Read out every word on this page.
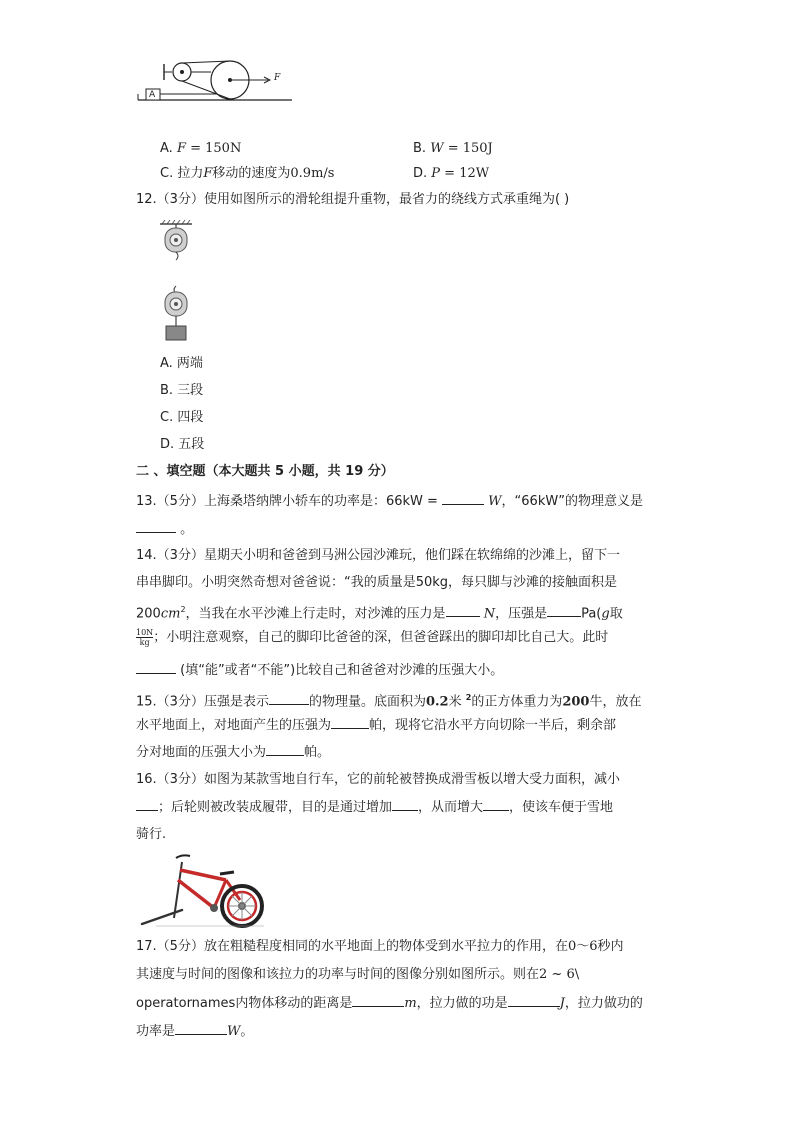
A
F
A. F = 150N	B. W = 150J
C. 拉力F移动的速度为0.9m/s	D. P = 12W
12.（3分）使用如图所示的滑轮组提升重物，最省力的绕线方式承重绳为( )
A. 两端
B. 三段
C. 四段
D. 五段
二 、填空题（本大题共 5 小题，共 19 分）
13.（5分）上海桑塔纳牌小轿车的功率是：66kW =	W，“66kW”的物理意义是
。
14.（3分）星期天小明和爸爸到马洲公园沙滩玩，他们踩在软绵绵的沙滩上，留下一
串串脚印。小明突然奇想对爸爸说：“我的质量是50kg，每只脚与沙滩的接触面积是
$200cm^2$，当我在水平沙滩上行走时，对沙滩的压力是	N，压强是	Pa(g取
$\frac{10N}{kg}$ ；小明注意观察，自己的脚印比爸爸的深，但爸爸踩出的脚印却比自己大。此时
(填“能”或者“不能”)比较自己和爸爸对沙滩的压强大小。
15.（3分）压强是表示	的物理量。底面积为0.2米 $^2$的正方体重力为200牛，放在
水平地面上，对地面产生的压强为	帕，现将它沿水平方向切除一半后，剩余部
分对地面的压强大小为	帕。
16.（3分）如图为某款雪地自行车，它的前轮被替换成滑雪板以增大受力面积，减小
；后轮则被改装成履带，目的是通过增加 ，从而增大 ，使该车便于雪地
骑行.
17.（5分）放在粗糙程度相同的水平地面上的物体受到水平拉力的作用，在0～6秒内
其速度与时间的图像和该拉力的功率与时间的图像分别如图所示。则在2 ~ 6\
operatornames内物体移动的距离是	m，拉力做的功是	J，拉力做功的
功率是	W。
